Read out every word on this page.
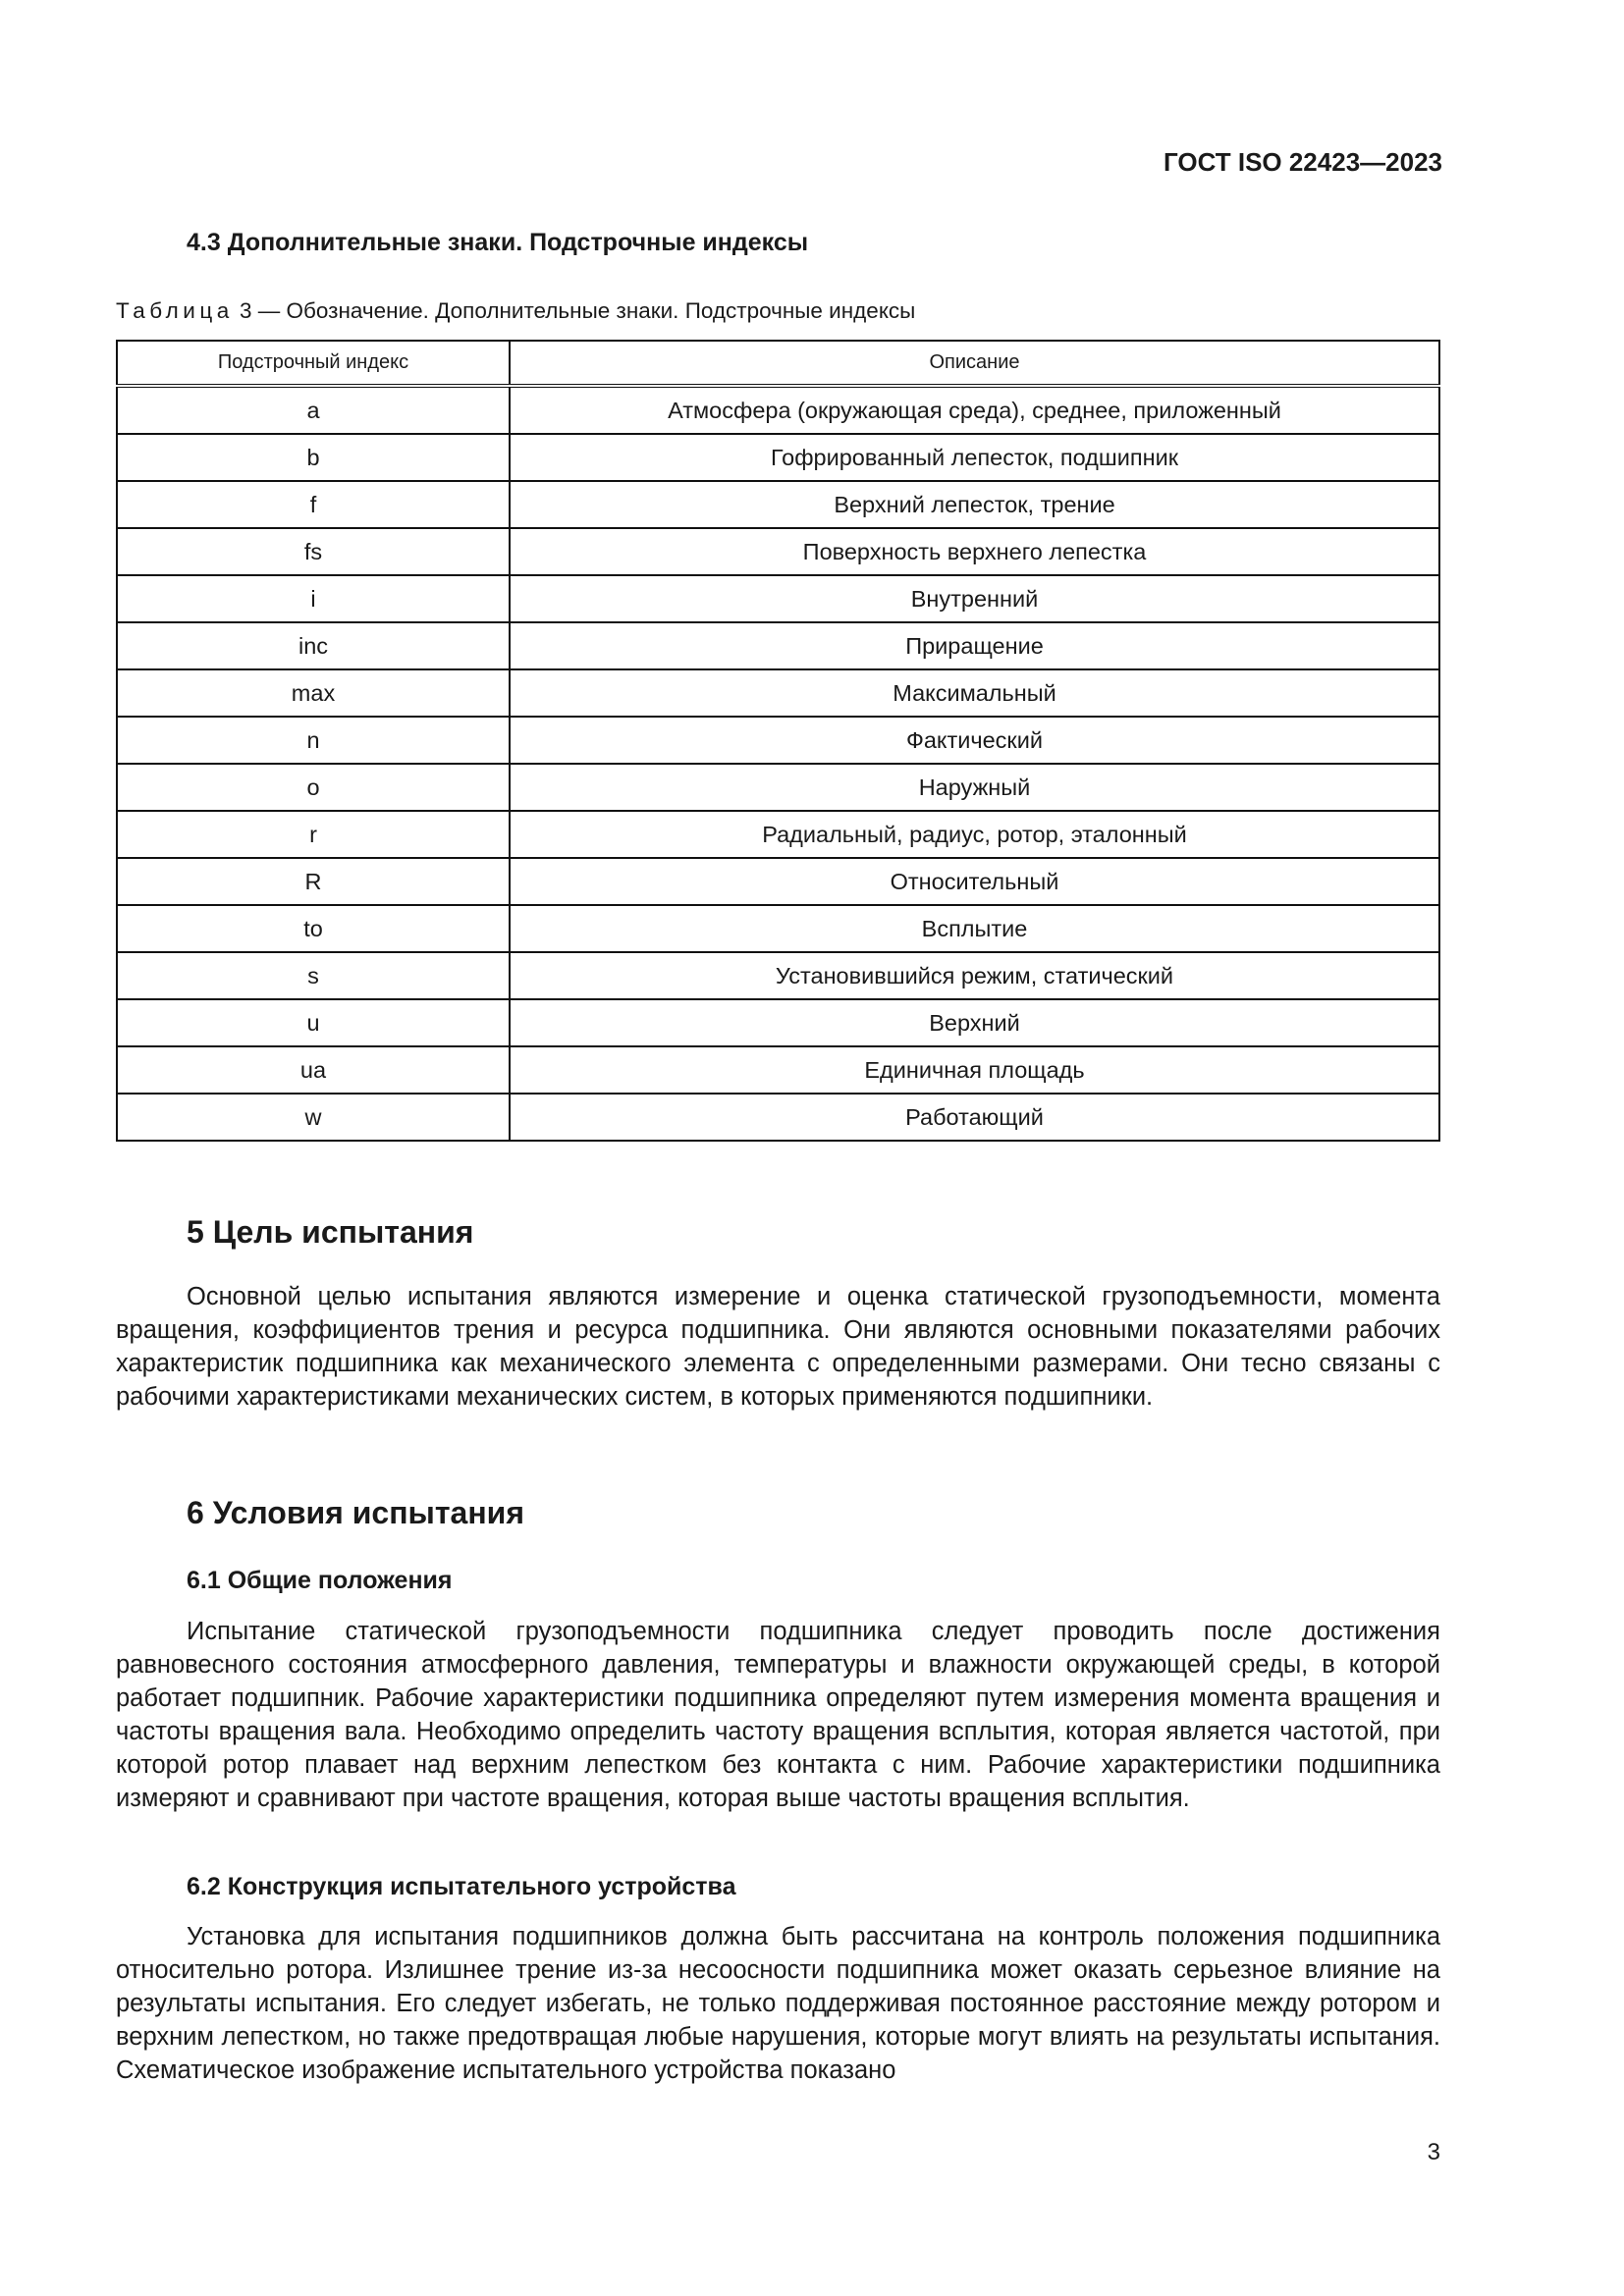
ГОСТ ISO 22423—2023
4.3 Дополнительные знаки. Подстрочные индексы
Таблица 3 — Обозначение. Дополнительные знаки. Подстрочные индексы
Подстрочный индекс	Описание
a	Атмосфера (окружающая среда), среднее, приложенный
b	Гофрированный лепесток, подшипник
f	Верхний лепесток, трение
fs	Поверхность верхнего лепестка
i	Внутренний
inc	Приращение
max	Максимальный
n	Фактический
o	Наружный
r	Радиальный, радиус, ротор, эталонный
R	Относительный
to	Всплытие
s	Установившийся режим, статический
u	Верхний
ua	Единичная площадь
w	Работающий
5 Цель испытания

Основной целью испытания являются измерение и оценка статической грузоподъемности, момента вращения, коэффициентов трения и ресурса подшипника. Они являются основными показателями рабочих характеристик подшипника как механического элемента с определенными размерами. Они тесно связаны с рабочими характеристиками механических систем, в которых применяются подшипники.

6 Условия испытания
6.1 Общие положения

Испытание статической грузоподъемности подшипника следует проводить после достижения равновесного состояния атмосферного давления, температуры и влажности окружающей среды, в которой работает подшипник. Рабочие характеристики подшипника определяют путем измерения момента вращения и частоты вращения вала. Необходимо определить частоту вращения всплытия, которая является частотой, при которой ротор плавает над верхним лепестком без контакта с ним. Рабочие характеристики подшипника измеряют и сравнивают при частоте вращения, которая выше частоты вращения всплытия.

6.2 Конструкция испытательного устройства

Установка для испытания подшипников должна быть рассчитана на контроль положения подшипника относительно ротора. Излишнее трение из-за несоосности подшипника может оказать серьезное влияние на результаты испытания. Его следует избегать, не только поддерживая постоянное расстояние между ротором и верхним лепестком, но также предотвращая любые нарушения, которые могут влиять на результаты испытания. Схематическое изображение испытательного устройства показано

3
